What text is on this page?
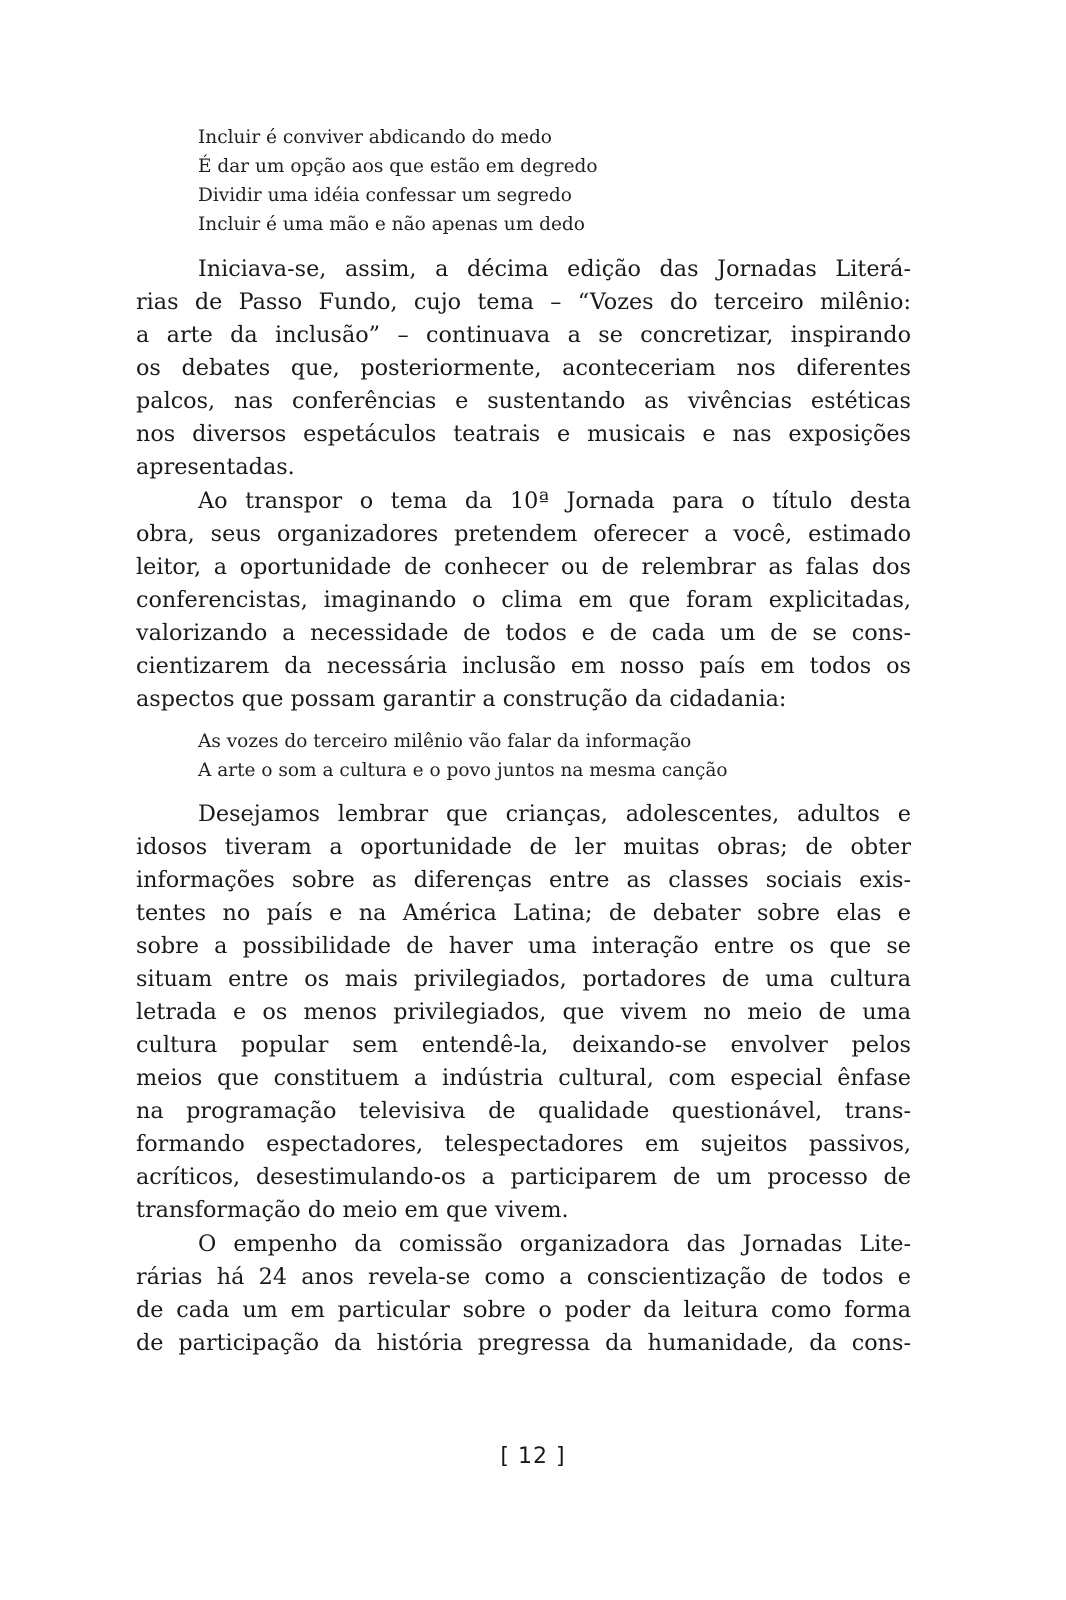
Incluir é conviver abdicando do medo
É dar um opção aos que estão em degredo
Dividir uma idéia confessar um segredo
Incluir é uma mão e não apenas um dedo
Iniciava-se, assim, a décima edição das Jornadas Literá-
rias de Passo Fundo, cujo tema – “Vozes do terceiro milênio:
a arte da inclusão” – continuava a se concretizar, inspirando
os debates que, posteriormente, aconteceriam nos diferentes
palcos, nas conferências e sustentando as vivências estéticas
nos diversos espetáculos teatrais e musicais e nas exposições
apresentadas.
Ao transpor o tema da 10ª Jornada para o título desta
obra, seus organizadores pretendem oferecer a você, estimado
leitor, a oportunidade de conhecer ou de relembrar as falas dos
conferencistas, imaginando o clima em que foram explicitadas,
valorizando a necessidade de todos e de cada um de se cons-
cientizarem da necessária inclusão em nosso país em todos os
aspectos que possam garantir a construção da cidadania:
As vozes do terceiro milênio vão falar da informação
A arte o som a cultura e o povo juntos na mesma canção
Desejamos lembrar que crianças, adolescentes, adultos e
idosos tiveram a oportunidade de ler muitas obras; de obter
informações sobre as diferenças entre as classes sociais exis-
tentes no país e na América Latina; de debater sobre elas e
sobre a possibilidade de haver uma interação entre os que se
situam entre os mais privilegiados, portadores de uma cultura
letrada e os menos privilegiados, que vivem no meio de uma
cultura popular sem entendê-la, deixando-se envolver pelos
meios que constituem a indústria cultural, com especial ênfase
na programação televisiva de qualidade questionável, trans-
formando espectadores, telespectadores em sujeitos passivos,
acríticos, desestimulando-os a participarem de um processo de
transformação do meio em que vivem.
O empenho da comissão organizadora das Jornadas Lite-
rárias há 24 anos revela-se como a conscientização de todos e
de cada um em particular sobre o poder da leitura como forma
de participação da história pregressa da humanidade, da cons-
[ 12 ]
